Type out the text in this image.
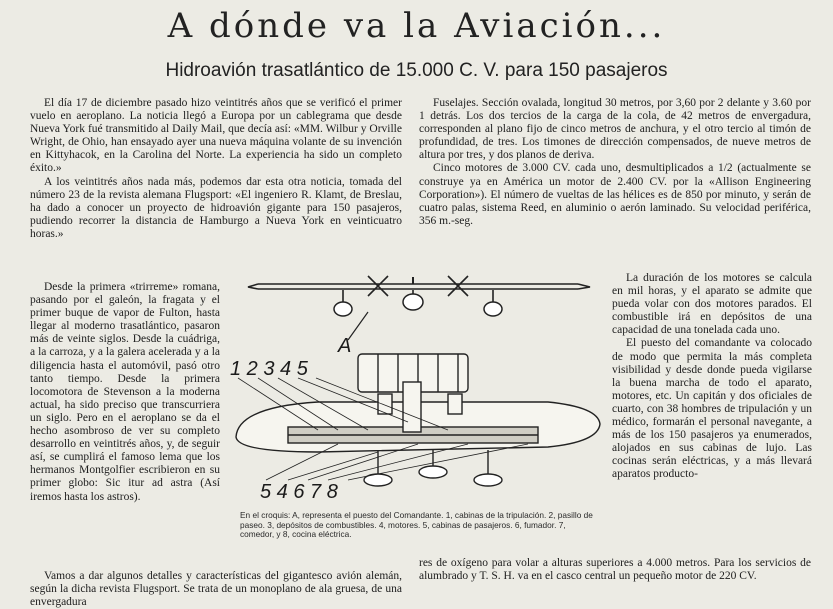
A dónde va la Aviación...
Hidroavión trasatlántico de 15.000 C. V. para 150 pasajeros

El día 17 de diciembre pasado hizo veintitrés años que se verificó el primer vuelo en aeroplano. La noticia llegó a Europa por un cablegrama que desde Nueva York fué transmitido al Daily Mail, que decía así: «MM. Wilbur y Orville Wright, de Ohio, han ensayado ayer una nueva máquina volante de su invención en Kittyhacok, en la Carolina del Norte. La experiencia ha sido un completo éxito.»

A los veintitrés años nada más, podemos dar esta otra noticia, tomada del número 23 de la revista alemana Flugsport: «El ingeniero R. Klamt, de Breslau, ha dado a conocer un proyecto de hidroavión gigante para 150 pasajeros, pudiendo recorrer la distancia de Hamburgo a Nueva York en veinticuatro horas.»

Desde la primera «trirreme» romana, pasando por el galeón, la fragata y el primer buque de vapor de Fulton, hasta llegar al moderno trasatlántico, pasaron más de veinte siglos. Desde la cuádriga, a la carroza, y a la galera acelerada y a la diligencia hasta el automóvil, pasó otro tanto tiempo. Desde la primera locomotora de Stevenson a la moderna actual, ha sido preciso que transcurriera un siglo. Pero en el aeroplano se da el hecho asombroso de ver su completo desarrollo en veintitrés años, y, de seguir así, se cumplirá el famoso lema que los hermanos Montgolfier escribieron en su primer globo: Sic itur ad astra (Así iremos hasta los astros).

Vamos a dar algunos detalles y características del gigantesco avión alemán, según la dicha revista Flugsport. Se trata de un monoplano de ala gruesa, de una envergadura

Fuselajes. Sección ovalada, longitud 30 metros, por 3,60 por 2 delante y 3.60 por 1 detrás. Los dos tercios de la carga de la cola, de 42 metros de envergadura, corresponden al plano fijo de cinco metros de anchura, y el otro tercio al timón de profundidad, de tres. Los timones de dirección compensados, de nueve metros de altura por tres, y dos planos de deriva.

Cinco motores de 3.000 CV. cada uno, desmultiplicados a 1/2 (actualmente se construye ya en América un motor de 2.400 CV. por la «Allison Engineering Corporation»). El número de vueltas de las hélices es de 850 por minuto, y serán de cuatro palas, sistema Reed, en aluminio o aerón laminado. Su velocidad periférica, 356 m.-seg.

La duración de los motores se calcula en mil horas, y el aparato se admite que pueda volar con dos motores parados. El combustible irá en depósitos de una capacidad de una tonelada cada uno.

El puesto del comandante va colocado de modo que permita la más completa visibilidad y desde donde pueda vigilarse la buena marcha de todo el aparato, motores, etc. Un capitán y dos oficiales de cuarto, con 38 hombres de tripulación y un médico, formarán el personal navegante, a más de los 150 pasajeros ya enumerados, alojados en sus cabinas de lujo. Las cocinas serán eléctricas, y a más llevará aparatos producto-

res de oxígeno para volar a alturas superiores a 4.000 metros. Para los servicios de alumbrado y T. S. H. va en el casco central un pequeño motor de 220 CV.

A
1 2 3 4 5
5 4 6 7 8
En el croquis: A, representa el puesto del Comandante. 1, cabinas de la tripulación. 2, pasillo de paseo. 3, depósitos de combustibles. 4, motores. 5, cabinas de pasajeros. 6, fumador. 7, comedor, y 8, cocina eléctrica.
